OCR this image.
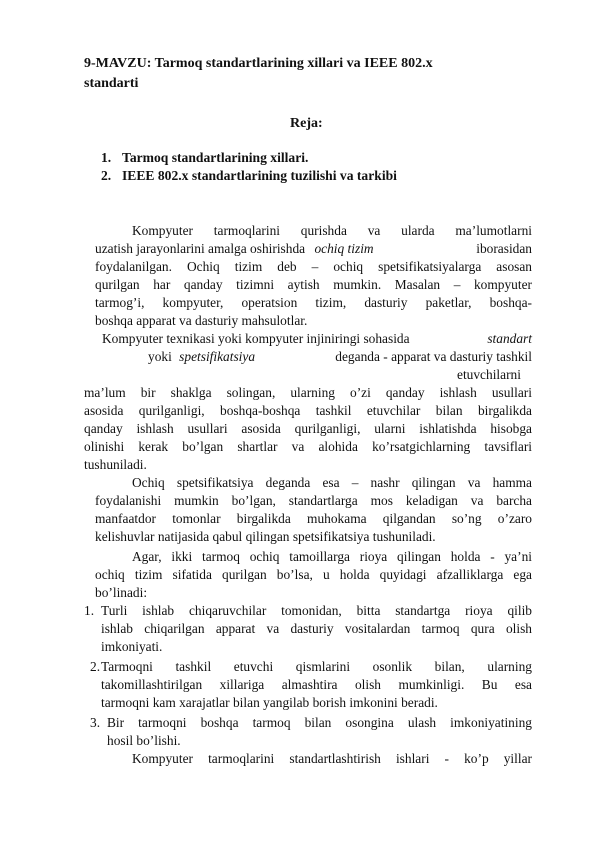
9-MAVZU: Tarmoq standartlarining xillari va IEEE 802.x
standarti
Reja:
1. Tarmoq standartlarining xillari.
2. IEEE 802.x standartlarining tuzilishi va tarkibi
Kompyuter tarmoqlarini qurishda va ularda ma’lumotlarni
uzatish jarayonlarini amalga oshirishda ochiq tizim	iborasidan
foydalanilgan. Ochiq tizim deb – ochiq spetsifikatsiyalarga asosan
qurilgan har qanday tizimni aytish mumkin. Masalan – kompyuter
tarmog’i, kompyuter, operatsion tizim, dasturiy paketlar, boshqa-
boshqa apparat va dasturiy mahsulotlar.
Kompyuter texnikasi yoki kompyuter injiniringi sohasida	standart
yoki spetsifikatsiya	deganda - apparat va dasturiy tashkil
etuvchilarni
ma’lum bir shaklga solingan, ularning o’zi qanday ishlash usullari
asosida qurilganligi, boshqa-boshqa tashkil etuvchilar bilan birgalikda
qanday ishlash usullari asosida qurilganligi, ularni ishlatishda hisobga
olinishi kerak bo’lgan shartlar va alohida ko’rsatgichlarning tavsiflari
tushuniladi.
Ochiq spetsifikatsiya deganda esa – nashr qilingan va hamma
foydalanishi mumkin bo’lgan, standartlarga mos keladigan va barcha
manfaatdor tomonlar birgalikda muhokama qilgandan so’ng o’zaro
kelishuvlar natijasida qabul qilingan spetsifikatsiya tushuniladi.
Agar, ikki tarmoq ochiq tamoillarga rioya qilingan holda - ya’ni
ochiq tizim sifatida qurilgan bo’lsa, u holda quyidagi afzalliklarga ega
bo’linadi:
1. Turli ishlab chiqaruvchilar tomonidan, bitta standartga rioya qilib
ishlab chiqarilgan apparat va dasturiy vositalardan tarmoq qura olish
imkoniyati.
2. Tarmoqni tashkil etuvchi qismlarini osonlik bilan, ularning
takomillashtirilgan xillariga almashtira olish mumkinligi. Bu esa
tarmoqni kam xarajatlar bilan yangilab borish imkonini beradi.
3. Bir tarmoqni boshqa tarmoq bilan osongina ulash imkoniyatining
hosil bo’lishi.
Kompyuter tarmoqlarini standartlashtirish ishlari - ko’p yillar
